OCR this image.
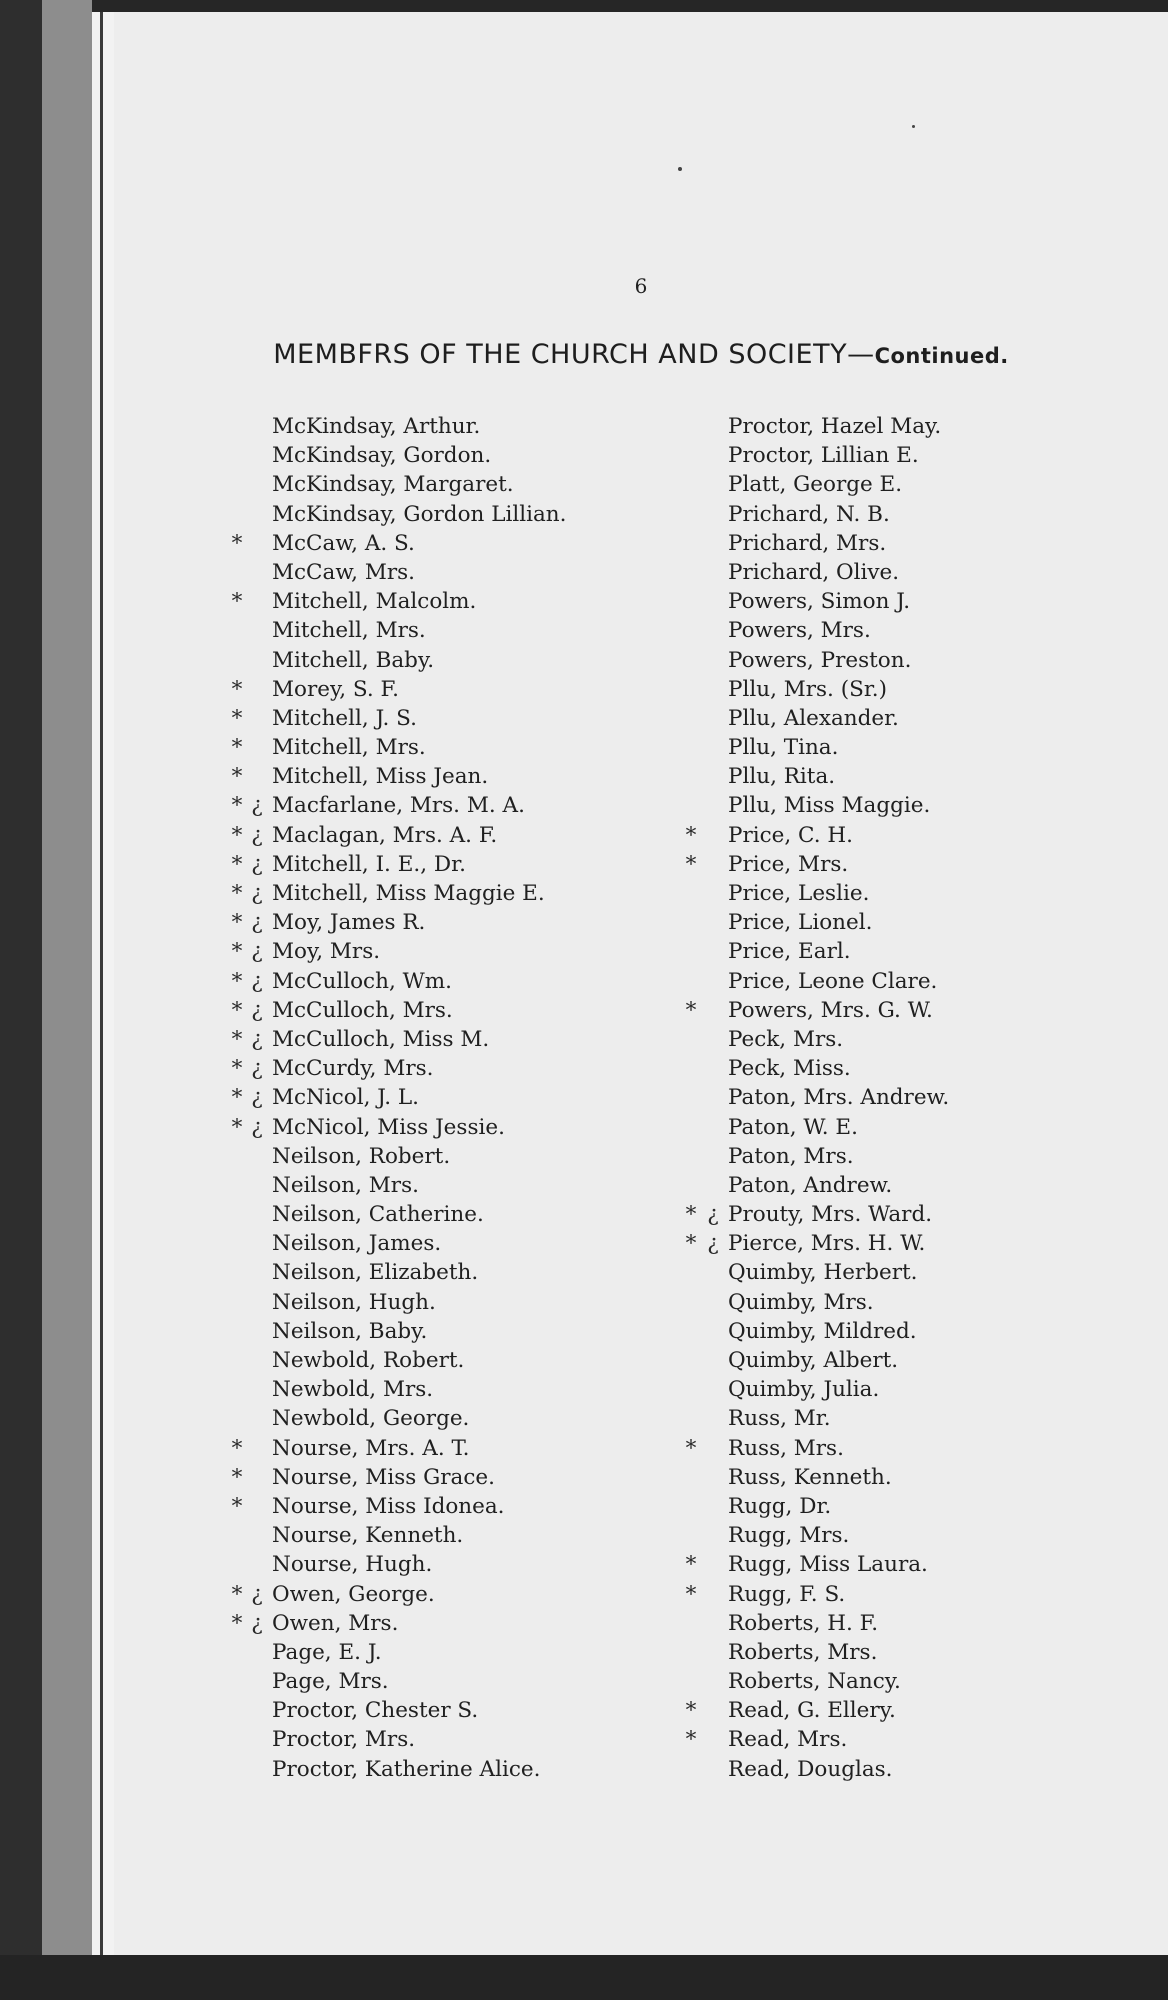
6
MEMBFRS OF THE CHURCH AND SOCIETY—Continued.
McKindsay, Arthur.
McKindsay, Gordon.
McKindsay, Margaret.
McKindsay, Gordon Lillian.
* McCaw, A. S.
McCaw, Mrs.
* Mitchell, Malcolm.
Mitchell, Mrs.
Mitchell, Baby.
* Morey, S. F.
* Mitchell, J. S.
* Mitchell, Mrs.
* Mitchell, Miss Jean.
* ¿ Macfarlane, Mrs. M. A.
* ¿ Maclagan, Mrs. A. F.
* ¿ Mitchell, I. E., Dr.
* ¿ Mitchell, Miss Maggie E.
* ¿ Moy, James R.
* ¿ Moy, Mrs.
* ¿ McCulloch, Wm.
* ¿ McCulloch, Mrs.
* ¿ McCulloch, Miss M.
* ¿ McCurdy, Mrs.
* ¿ McNicol, J. L.
* ¿ McNicol, Miss Jessie.
Neilson, Robert.
Neilson, Mrs.
Neilson, Catherine.
Neilson, James.
Neilson, Elizabeth.
Neilson, Hugh.
Neilson, Baby.
Newbold, Robert.
Newbold, Mrs.
Newbold, George.
* Nourse, Mrs. A. T.
* Nourse, Miss Grace.
* Nourse, Miss Idonea.
Nourse, Kenneth.
Nourse, Hugh.
* ¿ Owen, George.
* ¿ Owen, Mrs.
Page, E. J.
Page, Mrs.
Proctor, Chester S.
Proctor, Mrs.
Proctor, Katherine Alice.
Proctor, Hazel May.
Proctor, Lillian E.
Platt, George E.
Prichard, N. B.
Prichard, Mrs.
Prichard, Olive.
Powers, Simon J.
Powers, Mrs.
Powers, Preston.
Pllu, Mrs. (Sr.)
Pllu, Alexander.
Pllu, Tina.
Pllu, Rita.
Pllu, Miss Maggie.
* Price, C. H.
* Price, Mrs.
Price, Leslie.
Price, Lionel.
Price, Earl.
Price, Leone Clare.
* Powers, Mrs. G. W.
Peck, Mrs.
Peck, Miss.
Paton, Mrs. Andrew.
Paton, W. E.
Paton, Mrs.
Paton, Andrew.
* ¿ Prouty, Mrs. Ward.
* ¿ Pierce, Mrs. H. W.
Quimby, Herbert.
Quimby, Mrs.
Quimby, Mildred.
Quimby, Albert.
Quimby, Julia.
Russ, Mr.
* Russ, Mrs.
Russ, Kenneth.
Rugg, Dr.
Rugg, Mrs.
* Rugg, Miss Laura.
* Rugg, F. S.
Roberts, H. F.
Roberts, Mrs.
Roberts, Nancy.
* Read, G. Ellery.
* Read, Mrs.
Read, Douglas.
